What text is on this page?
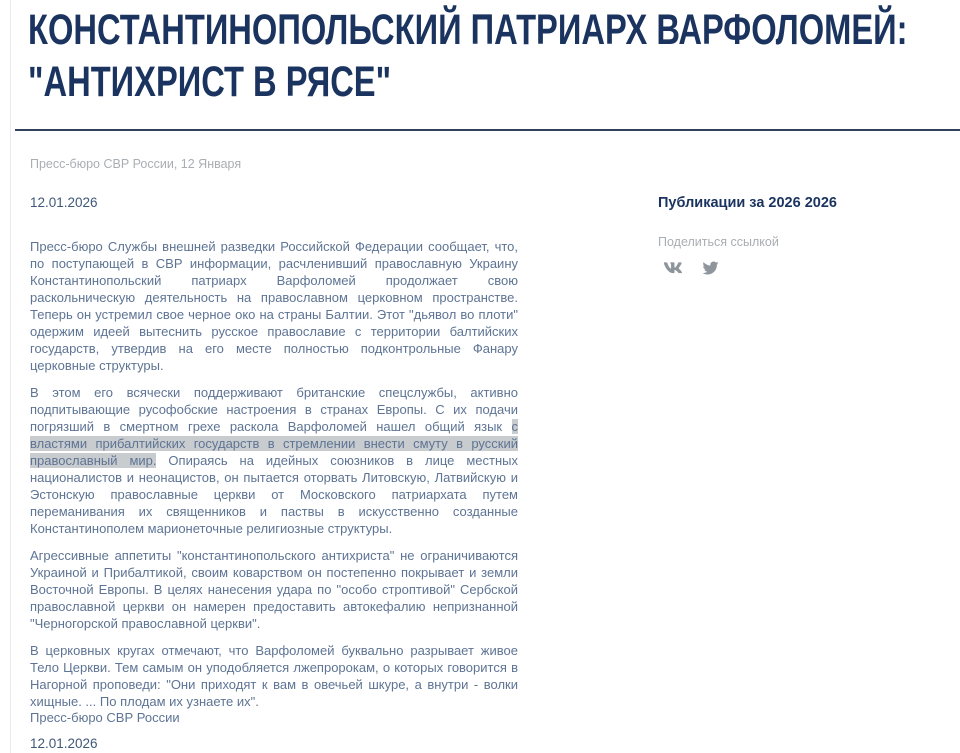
КОНСТАНТИНОПОЛЬСКИЙ ПАТРИАРХ ВАРФОЛОМЕЙ:
"АНТИХРИСТ В РЯСЕ"
Пресс-бюро СВР России, 12 Января
12.01.2026

Пресс-бюро Службы внешней разведки Российской Федерации сообщает, что, по поступающей в СВР информации, расчленивший православную Украину Константинопольский патриарх Варфоломей продолжает свою раскольническую деятельность на православном церковном пространстве. Теперь он устремил свое черное око на страны Балтии. Этот "дьявол во плоти" одержим идеей вытеснить русское православие с территории балтийских государств, утвердив на его месте полностью подконтрольные Фанару церковные структуры.

В этом его всячески поддерживают британские спецслужбы, активно подпитывающие русофобские настроения в странах Европы. С их подачи погрязший в смертном грехе раскола Варфоломей нашел общий язык с властями прибалтийских государств в стремлении внести смуту в русский православный мир. Опираясь на идейных союзников в лице местных националистов и неонацистов, он пытается оторвать Литовскую, Латвийскую и Эстонскую православные церкви от Московского патриархата путем переманивания их священников и паствы в искусственно созданные Константинополем марионеточные религиозные структуры.

Агрессивные аппетиты "константинопольского антихриста" не ограничиваются Украиной и Прибалтикой, своим коварством он постепенно покрывает и земли Восточной Европы. В целях нанесения удара по "особо строптивой" Сербской православной церкви он намерен предоставить автокефалию непризнанной "Черногорской православной церкви".

В церковных кругах отмечают, что Варфоломей буквально разрывает живое Тело Церкви. Тем самым он уподобляется лжепророкам, о которых говорится в Нагорной проповеди: "Они приходят к вам в овечьей шкуре, а внутри - волки хищные. ... По плодам их узнаете их".

Публикации за 2026 2026
Поделиться ссылкой
Пресс-бюро СВР России
12.01.2026
